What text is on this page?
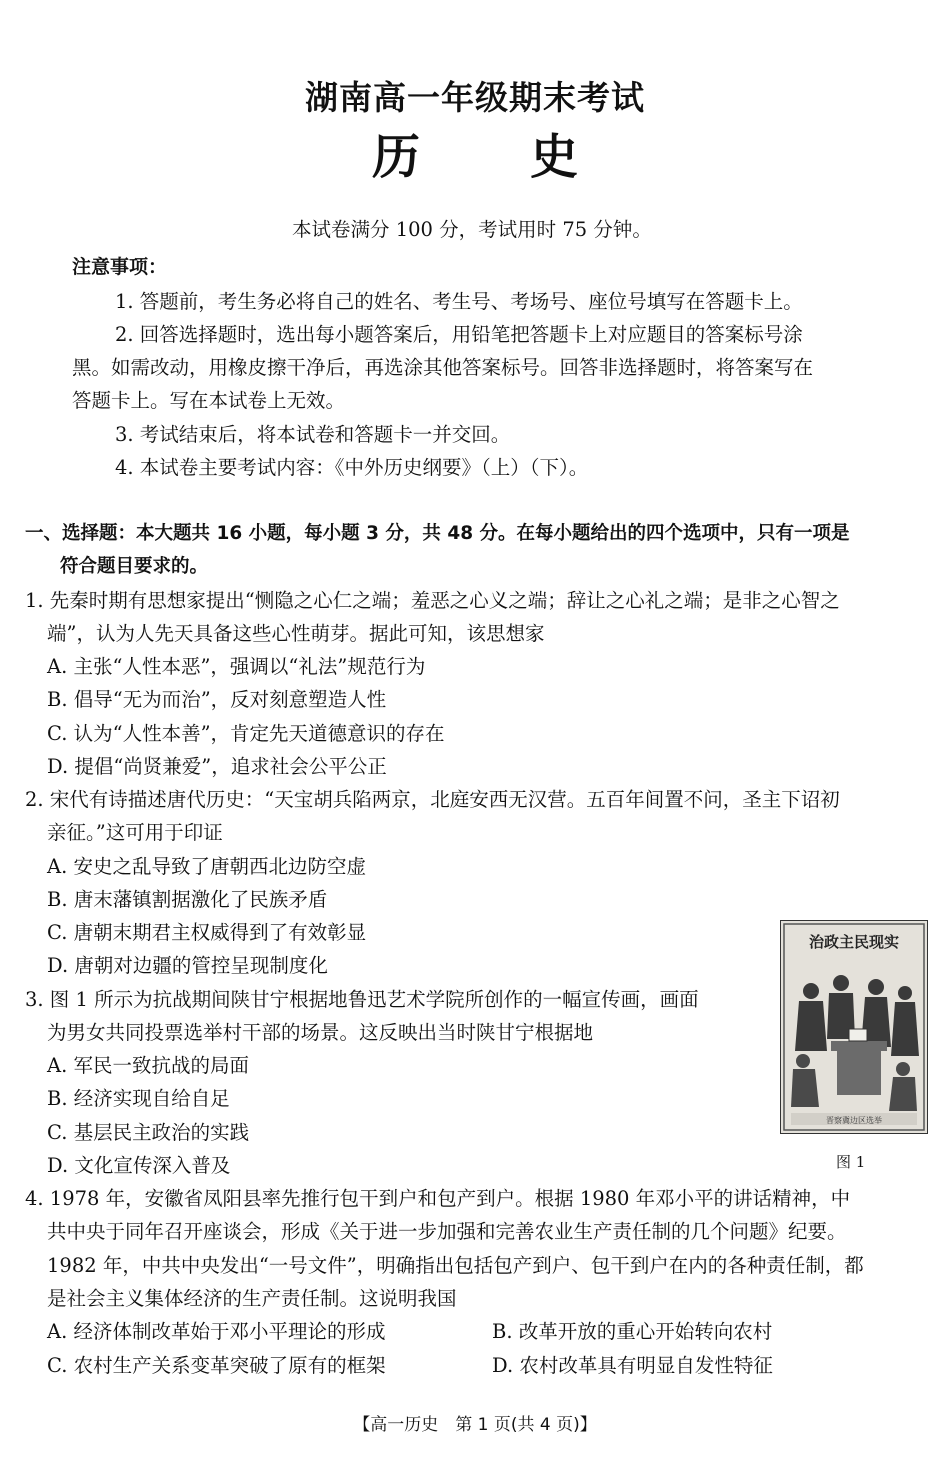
湖南高一年级期末考试
历 史
本试卷满分 100 分，考试用时 75 分钟。
注意事项：
1. 答题前，考生务必将自己的姓名、考生号、考场号、座位号填写在答题卡上。
2. 回答选择题时，选出每小题答案后，用铅笔把答题卡上对应题目的答案标号涂
黑。如需改动，用橡皮擦干净后，再选涂其他答案标号。回答非选择题时，将答案写在
答题卡上。写在本试卷上无效。
3. 考试结束后，将本试卷和答题卡一并交回。
4. 本试卷主要考试内容：《中外历史纲要》（上）（下）。
一、选择题：本大题共 16 小题，每小题 3 分，共 48 分。在每小题给出的四个选项中，只有一项是
符合题目要求的。
1. 先秦时期有思想家提出“恻隐之心仁之端；羞恶之心义之端；辞让之心礼之端；是非之心智之
端”，认为人先天具备这些心性萌芽。据此可知，该思想家
A. 主张“人性本恶”，强调以“礼法”规范行为
B. 倡导“无为而治”，反对刻意塑造人性
C. 认为“人性本善”，肯定先天道德意识的存在
D. 提倡“尚贤兼爱”，追求社会公平公正
2. 宋代有诗描述唐代历史：“天宝胡兵陷两京，北庭安西无汉营。五百年间置不问，圣主下诏初
亲征。”这可用于印证
A. 安史之乱导致了唐朝西北边防空虚
B. 唐末藩镇割据激化了民族矛盾
C. 唐朝末期君主权威得到了有效彰显
D. 唐朝对边疆的管控呈现制度化
3. 图 1 所示为抗战期间陕甘宁根据地鲁迅艺术学院所创作的一幅宣传画，画面
为男女共同投票选举村干部的场景。这反映出当时陕甘宁根据地
A. 军民一致抗战的局面
B. 经济实现自给自足
C. 基层民主政治的实践
D. 文化宣传深入普及
治政主民现实
晋察冀边区选举
图 1
4. 1978 年，安徽省凤阳县率先推行包干到户和包产到户。根据 1980 年邓小平的讲话精神，中
共中央于同年召开座谈会，形成《关于进一步加强和完善农业生产责任制的几个问题》纪要。
1982 年，中共中央发出“一号文件”，明确指出包括包产到户、包干到户在内的各种责任制，都
是社会主义集体经济的生产责任制。这说明我国
A. 经济体制改革始于邓小平理论的形成	B. 改革开放的重心开始转向农村
C. 农村生产关系变革突破了原有的框架	D. 农村改革具有明显自发性特征
【高一历史　第 1 页(共 4 页)】
